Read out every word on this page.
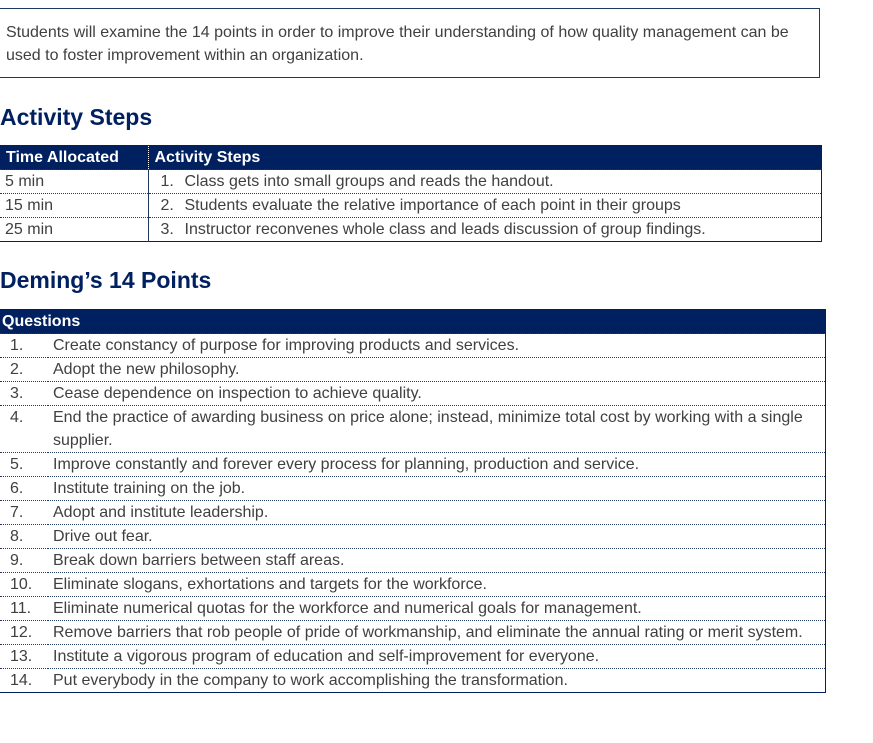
Students will examine the 14 points in order to improve their understanding of how quality management can be used to foster improvement within an organization.
Activity Steps
Time Allocated	Activity Steps
5 min	1. Class gets into small groups and reads the handout.
15 min	2. Students evaluate the relative importance of each point in their groups
25 min	3. Instructor reconvenes whole class and leads discussion of group findings.
Deming’s 14 Points
Questions	
1.	Create constancy of purpose for improving products and services.
2.	Adopt the new philosophy.
3.	Cease dependence on inspection to achieve quality.
4.	End the practice of awarding business on price alone; instead, minimize total cost by working with a single supplier.
5.	Improve constantly and forever every process for planning, production and service.
6.	Institute training on the job.
7.	Adopt and institute leadership.
8.	Drive out fear.
9.	Break down barriers between staff areas.
10.	Eliminate slogans, exhortations and targets for the workforce.
11.	Eliminate numerical quotas for the workforce and numerical goals for management.
12.	Remove barriers that rob people of pride of workmanship, and eliminate the annual rating or merit system.
13.	Institute a vigorous program of education and self-improvement for everyone.
14.	Put everybody in the company to work accomplishing the transformation.
